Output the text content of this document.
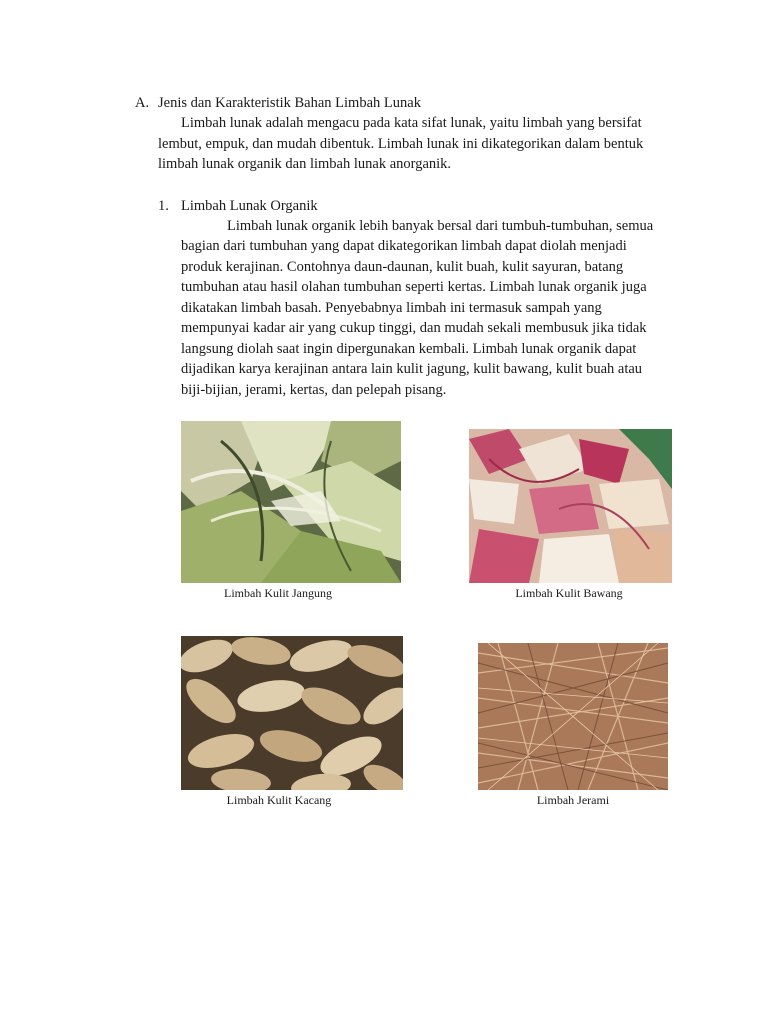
A. Jenis dan Karakteristik Bahan Limbah Lunak
Limbah lunak adalah mengacu pada kata sifat lunak, yaitu limbah yang bersifat
lembut, empuk, dan mudah dibentuk. Limbah lunak ini dikategorikan dalam bentuk
limbah lunak organik dan limbah lunak anorganik.
1. Limbah Lunak Organik
Limbah lunak organik lebih banyak bersal dari tumbuh-tumbuhan, semua
bagian dari tumbuhan yang dapat dikategorikan limbah dapat diolah menjadi
produk kerajinan. Contohnya daun-daunan, kulit buah, kulit sayuran, batang
tumbuhan atau hasil olahan tumbuhan seperti kertas. Limbah lunak organik juga
dikatakan limbah basah. Penyebabnya limbah ini termasuk sampah yang
mempunyai kadar air yang cukup tinggi, dan mudah sekali membusuk jika tidak
langsung diolah saat ingin dipergunakan kembali. Limbah lunak organik dapat
dijadikan karya kerajinan antara lain kulit jagung, kulit bawang, kulit buah atau
biji-bijian, jerami, kertas, dan pelepah pisang.
Limbah Kulit Jangung	Limbah Kulit Bawang
Limbah Kulit Kacang	Limbah Jerami
